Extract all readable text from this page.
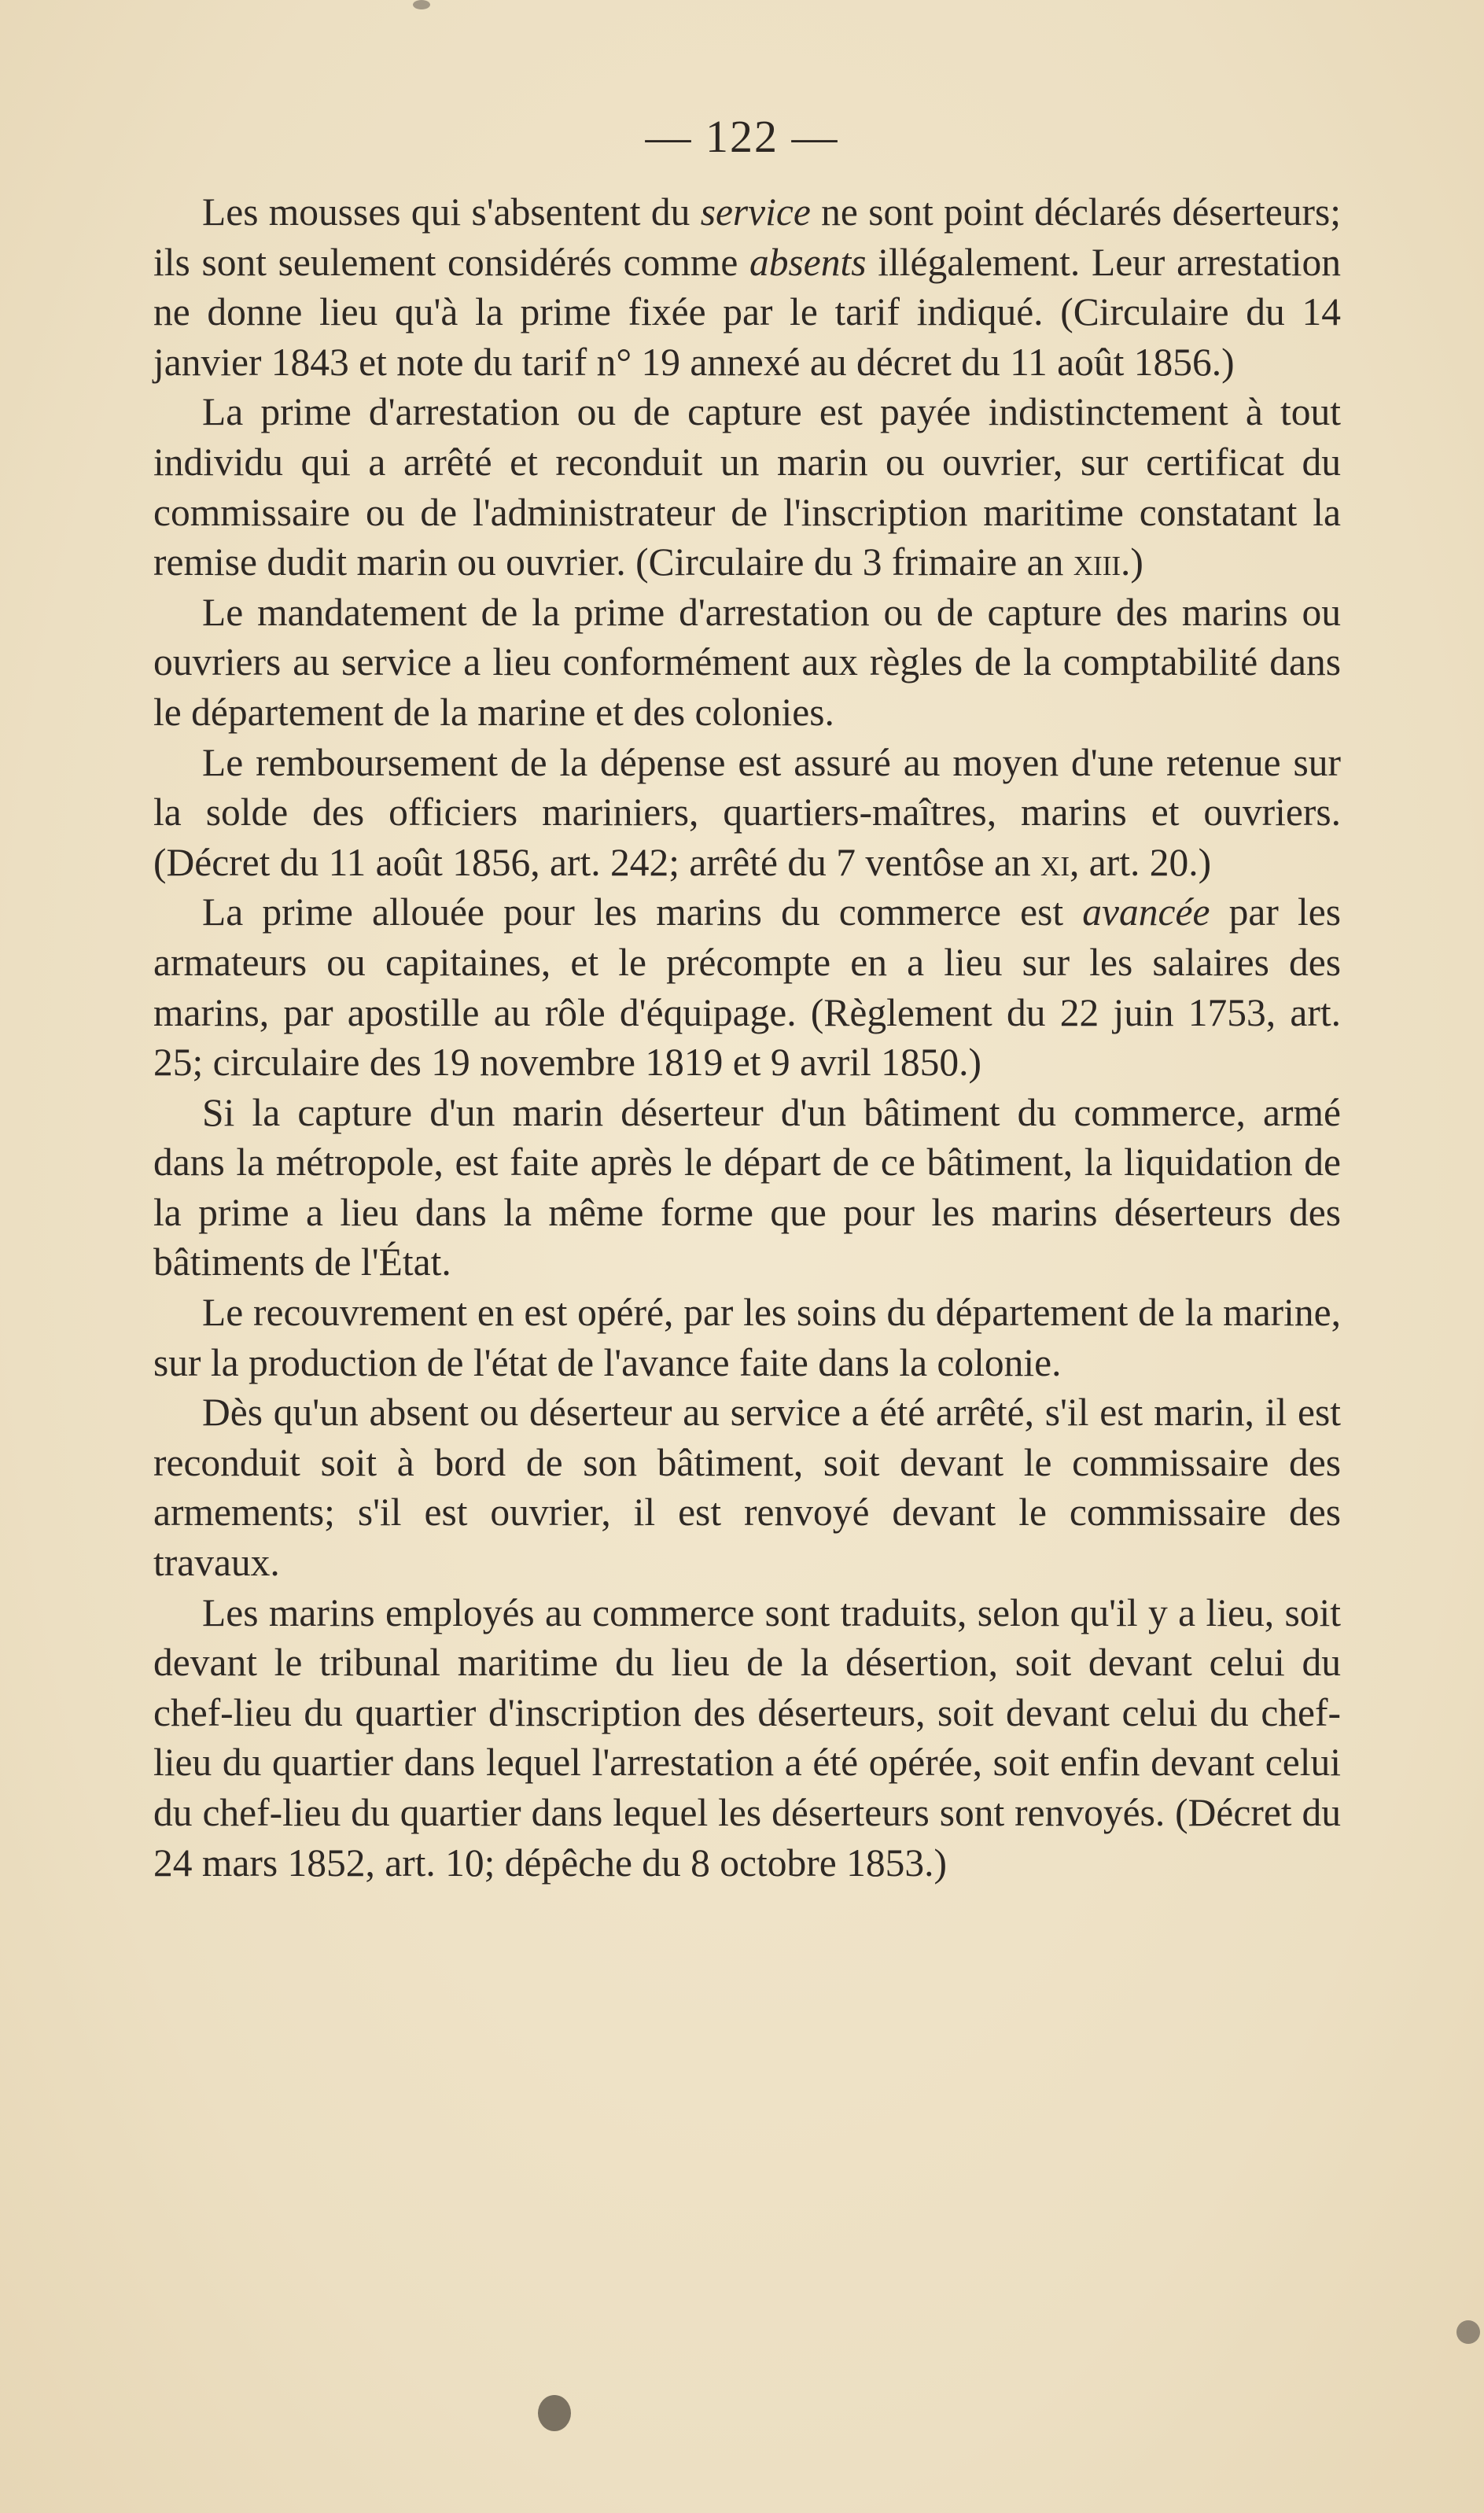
— 122 —

Les mousses qui s'absentent du service ne sont point déclarés déserteurs; ils sont seulement considérés comme absents illégalement. Leur arrestation ne donne lieu qu'à la prime fixée par le tarif indiqué. (Circulaire du 14 janvier 1843 et note du tarif n° 19 annexé au décret du 11 août 1856.)

La prime d'arrestation ou de capture est payée indistinctement à tout individu qui a arrêté et reconduit un marin ou ouvrier, sur certificat du commissaire ou de l'administrateur de l'inscription maritime constatant la remise dudit marin ou ouvrier. (Circulaire du 3 frimaire an xiii.)

Le mandatement de la prime d'arrestation ou de capture des marins ou ouvriers au service a lieu conformément aux règles de la comptabilité dans le département de la marine et des colonies.

Le remboursement de la dépense est assuré au moyen d'une retenue sur la solde des officiers mariniers, quartiers-maîtres, marins et ouvriers. (Décret du 11 août 1856, art. 242; arrêté du 7 ventôse an xi, art. 20.)

La prime allouée pour les marins du commerce est avancée par les armateurs ou capitaines, et le précompte en a lieu sur les salaires des marins, par apostille au rôle d'équipage. (Règlement du 22 juin 1753, art. 25; circulaire des 19 novembre 1819 et 9 avril 1850.)

Si la capture d'un marin déserteur d'un bâtiment du commerce, armé dans la métropole, est faite après le départ de ce bâtiment, la liquidation de la prime a lieu dans la même forme que pour les marins déserteurs des bâtiments de l'État.

Le recouvrement en est opéré, par les soins du département de la marine, sur la production de l'état de l'avance faite dans la colonie.

Dès qu'un absent ou déserteur au service a été arrêté, s'il est marin, il est reconduit soit à bord de son bâtiment, soit devant le commissaire des armements; s'il est ouvrier, il est renvoyé devant le commissaire des travaux.

Les marins employés au commerce sont traduits, selon qu'il y a lieu, soit devant le tribunal maritime du lieu de la désertion, soit devant celui du chef-lieu du quartier d'inscription des déserteurs, soit devant celui du chef-lieu du quartier dans lequel l'arrestation a été opérée, soit enfin devant celui du chef-lieu du quartier dans lequel les déserteurs sont renvoyés. (Décret du 24 mars 1852, art. 10; dépêche du 8 octobre 1853.)
